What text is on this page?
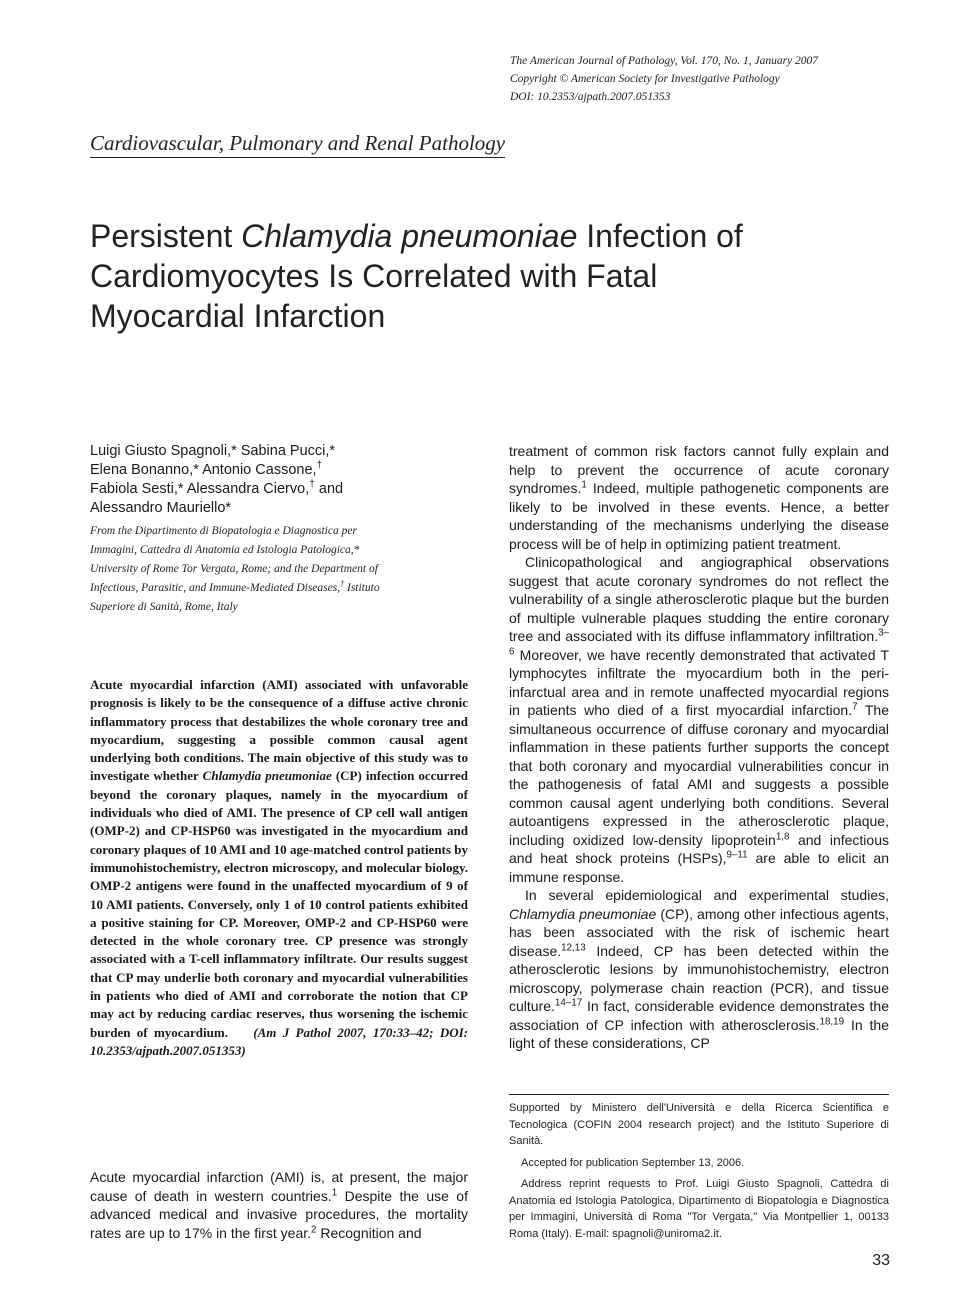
The American Journal of Pathology, Vol. 170, No. 1, January 2007
Copyright © American Society for Investigative Pathology
DOI: 10.2353/ajpath.2007.051353
Cardiovascular, Pulmonary and Renal Pathology
Persistent Chlamydia pneumoniae Infection of
Cardiomyocytes Is Correlated with Fatal
Myocardial Infarction
Luigi Giusto Spagnoli,* Sabina Pucci,*
Elena Bonanno,* Antonio Cassone,†
Fabiola Sesti,* Alessandra Ciervo,† and
Alessandro Mauriello*
From the Dipartimento di Biopatologia e Diagnostica per
Immagini, Cattedra di Anatomia ed Istologia Patologica,*
University of Rome Tor Vergata, Rome; and the Department of
Infectious, Parasitic, and Immune-Mediated Diseases,† Istituto
Superiore di Sanità, Rome, Italy
Acute myocardial infarction (AMI) associated with unfavorable prognosis is likely to be the consequence of a diffuse active chronic inflammatory process that destabilizes the whole coronary tree and myocardium, suggesting a possible common causal agent underlying both conditions. The main objective of this study was to investigate whether Chlamydia pneumoniae (CP) infection occurred beyond the coronary plaques, namely in the myocardium of individuals who died of AMI. The presence of CP cell wall antigen (OMP-2) and CP-HSP60 was investigated in the myocardium and coronary plaques of 10 AMI and 10 age-matched control patients by immunohistochemistry, electron microscopy, and molecular biology. OMP-2 antigens were found in the unaffected myocardium of 9 of 10 AMI patients. Conversely, only 1 of 10 control patients exhibited a positive staining for CP. Moreover, OMP-2 and CP-HSP60 were detected in the whole coronary tree. CP presence was strongly associated with a T-cell inflammatory infiltrate. Our results suggest that CP may underlie both coronary and myocardial vulnerabilities in patients who died of AMI and corroborate the notion that CP may act by reducing cardiac reserves, thus worsening the ischemic burden of myocardium. (Am J Pathol 2007, 170:33–42; DOI: 10.2353/ajpath.2007.051353)
Acute myocardial infarction (AMI) is, at present, the major cause of death in western countries.$^1$ Despite the use of advanced medical and invasive procedures, the mortality rates are up to 17% in the first year.$^2$ Recognition and

treatment of common risk factors cannot fully explain and help to prevent the occurrence of acute coronary syndromes.$^1$ Indeed, multiple pathogenetic components are likely to be involved in these events. Hence, a better understanding of the mechanisms underlying the disease process will be of help in optimizing patient treatment.

Clinicopathological and angiographical observations suggest that acute coronary syndromes do not reflect the vulnerability of a single atherosclerotic plaque but the burden of multiple vulnerable plaques studding the entire coronary tree and associated with its diffuse inflammatory infiltration.$^{3-6}$ Moreover, we have recently demonstrated that activated T lymphocytes infiltrate the myocardium both in the peri-infarctual area and in remote unaffected myocardial regions in patients who died of a first myocardial infarction.$^7$ The simultaneous occurrence of diffuse coronary and myocardial inflammation in these patients further supports the concept that both coronary and myocardial vulnerabilities concur in the pathogenesis of fatal AMI and suggests a possible common causal agent underlying both conditions. Several autoantigens expressed in the atherosclerotic plaque, including oxidized low-density lipoprotein$^{1,8}$ and infectious and heat shock proteins (HSPs),$^{9-11}$ are able to elicit an immune response.

In several epidemiological and experimental studies, Chlamydia pneumoniae (CP), among other infectious agents, has been associated with the risk of ischemic heart disease.$^{12,13}$ Indeed, CP has been detected within the atherosclerotic lesions by immunohistochemistry, electron microscopy, polymerase chain reaction (PCR), and tissue culture.$^{14-17}$ In fact, considerable evidence demonstrates the association of CP infection with atherosclerosis.$^{18,19}$ In the light of these considerations, CP

Supported by Ministero dell'Università e della Ricerca Scientifica e Tecnologica (COFIN 2004 research project) and the Istituto Superiore di Sanità.

Accepted for publication September 13, 2006.

Address reprint requests to Prof. Luigi Giusto Spagnoli, Cattedra di Anatomia ed Istologia Patologica, Dipartimento di Biopatologia e Diagnostica per Immagini, Università di Roma "Tor Vergata," Via Montpellier 1, 00133 Roma (Italy). E-mail: spagnoli@uniroma2.it.

33
